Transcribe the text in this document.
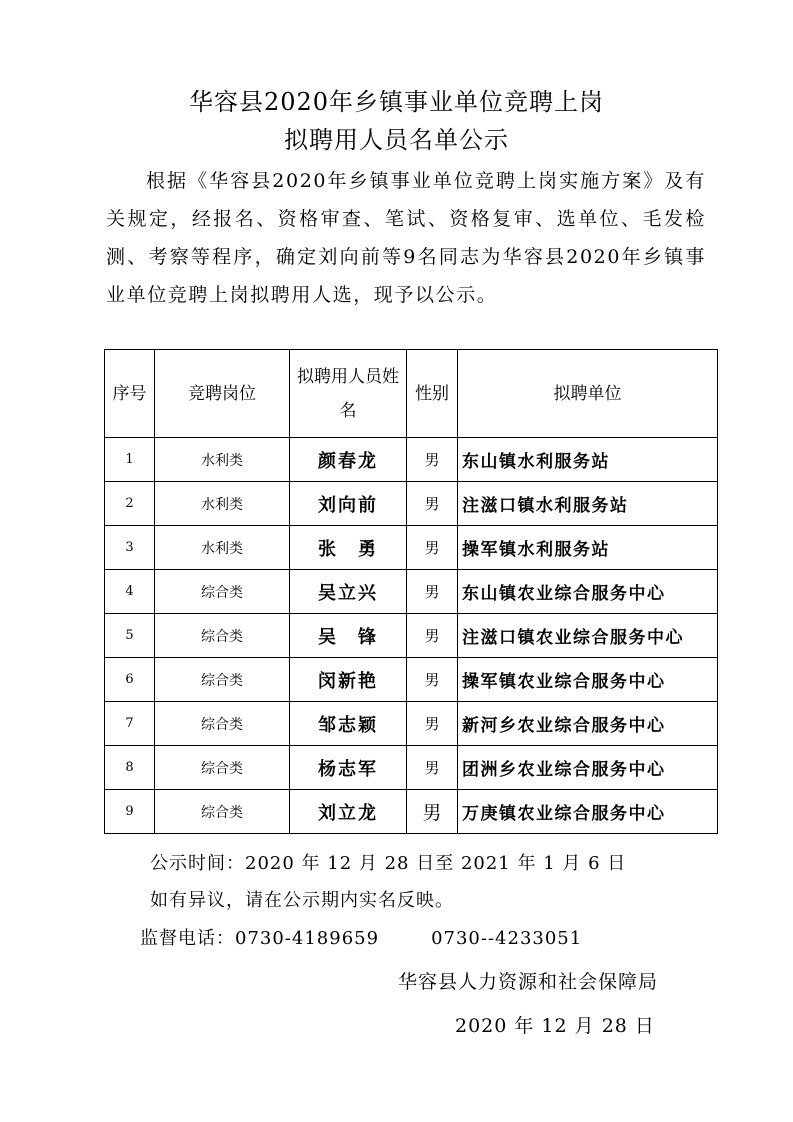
华容县2020年乡镇事业单位竞聘上岗
拟聘用人员名单公示
根据《华容县2020年乡镇事业单位竞聘上岗实施方案》及有关规定，经报名、资格审查、笔试、资格复审、选单位、毛发检测、考察等程序，确定刘向前等9名同志为华容县2020年乡镇事业单位竞聘上岗拟聘用人选，现予以公示。
序号	竞聘岗位	拟聘用人员姓名	性别	拟聘单位
1	水利类	颜春龙	男	东山镇水利服务站
2	水利类	刘向前	男	注滋口镇水利服务站
3	水利类	张　勇	男	操军镇水利服务站
4	综合类	吴立兴	男	东山镇农业综合服务中心
5	综合类	吴　锋	男	注滋口镇农业综合服务中心
6	综合类	闵新艳	男	操军镇农业综合服务中心
7	综合类	邹志颖	男	新河乡农业综合服务中心
8	综合类	杨志军	男	团洲乡农业综合服务中心
9	综合类	刘立龙	男	万庚镇农业综合服务中心
公示时间：2020 年 12 月 28 日至 2021 年 1 月 6 日
如有异议，请在公示期内实名反映。
监督电话：0730-4189659	0730--4233051
华容县人力资源和社会保障局
2020 年 12 月 28 日
